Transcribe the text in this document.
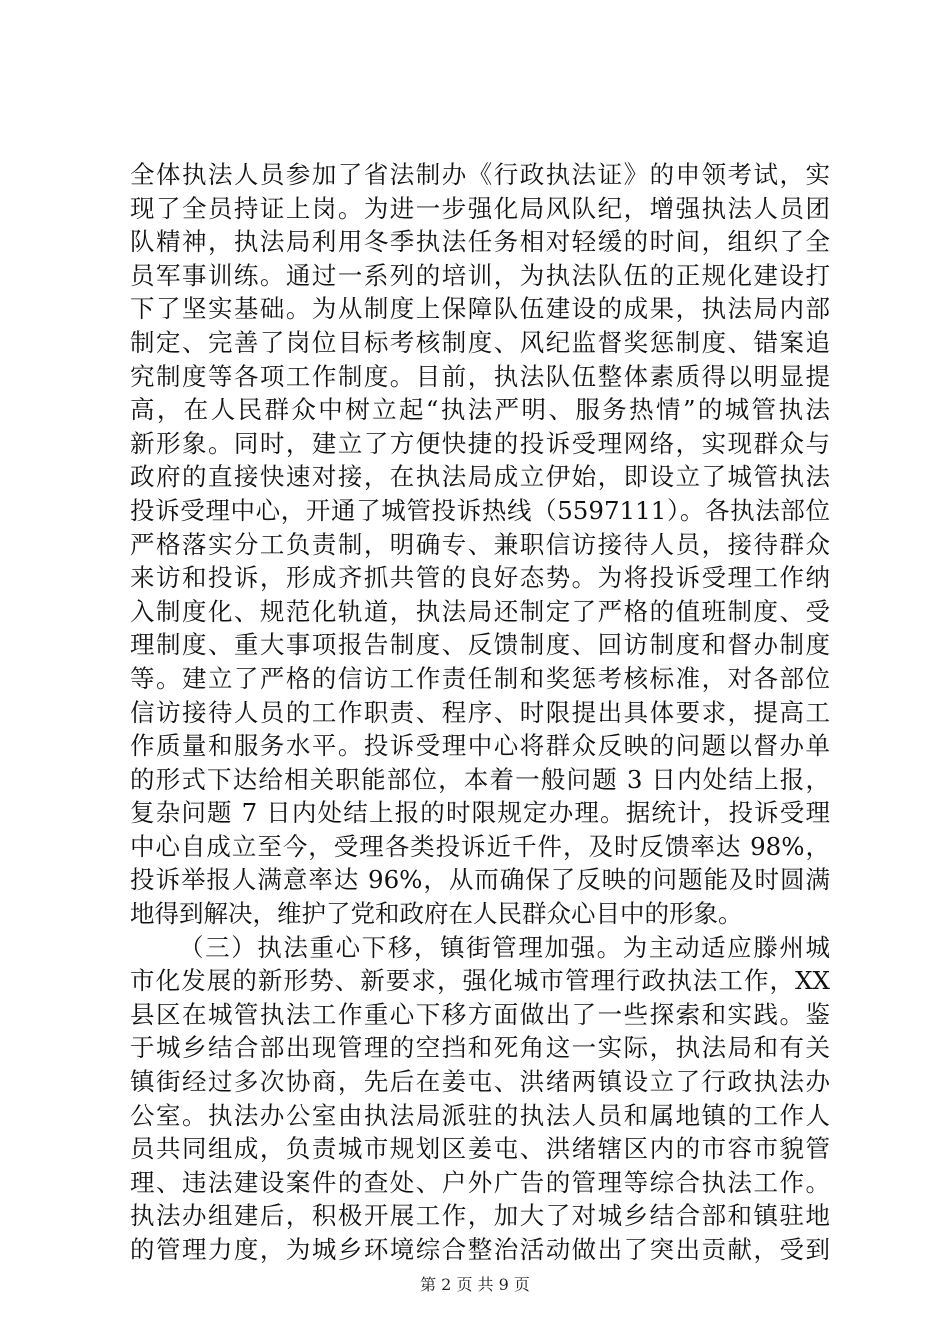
全体执法人员参加了省法制办《行政执法证》的申领考试，实
现了全员持证上岗。为进一步强化局风队纪，增强执法人员团
队精神，执法局利用冬季执法任务相对轻缓的时间，组织了全
员军事训练。通过一系列的培训，为执法队伍的正规化建设打
下了坚实基础。为从制度上保障队伍建设的成果，执法局内部
制定、完善了岗位目标考核制度、风纪监督奖惩制度、错案追
究制度等各项工作制度。目前，执法队伍整体素质得以明显提
高，在人民群众中树立起“执法严明、服务热情”的城管执法
新形象。同时，建立了方便快捷的投诉受理网络，实现群众与
政府的直接快速对接，在执法局成立伊始，即设立了城管执法
投诉受理中心，开通了城管投诉热线（5597111）。各执法部位
严格落实分工负责制，明确专、兼职信访接待人员，接待群众
来访和投诉，形成齐抓共管的良好态势。为将投诉受理工作纳
入制度化、规范化轨道，执法局还制定了严格的值班制度、受
理制度、重大事项报告制度、反馈制度、回访制度和督办制度
等。建立了严格的信访工作责任制和奖惩考核标准，对各部位
信访接待人员的工作职责、程序、时限提出具体要求，提高工
作质量和服务水平。投诉受理中心将群众反映的问题以督办单
的形式下达给相关职能部位，本着一般问题 3 日内处结上报，
复杂问题 7 日内处结上报的时限规定办理。据统计，投诉受理
中心自成立至今，受理各类投诉近千件，及时反馈率达 98%，
投诉举报人满意率达 96%，从而确保了反映的问题能及时圆满
地得到解决，维护了党和政府在人民群众心目中的形象。
（三）执法重心下移，镇街管理加强。为主动适应滕州城
市化发展的新形势、新要求，强化城市管理行政执法工作，XX
县区在城管执法工作重心下移方面做出了一些探索和实践。鉴
于城乡结合部出现管理的空挡和死角这一实际，执法局和有关
镇街经过多次协商，先后在姜屯、洪绪两镇设立了行政执法办
公室。执法办公室由执法局派驻的执法人员和属地镇的工作人
员共同组成，负责城市规划区姜屯、洪绪辖区内的市容市貌管
理、违法建设案件的查处、户外广告的管理等综合执法工作。
执法办组建后，积极开展工作，加大了对城乡结合部和镇驻地
的管理力度，为城乡环境综合整治活动做出了突出贡献，受到
第 2 页 共 9 页
